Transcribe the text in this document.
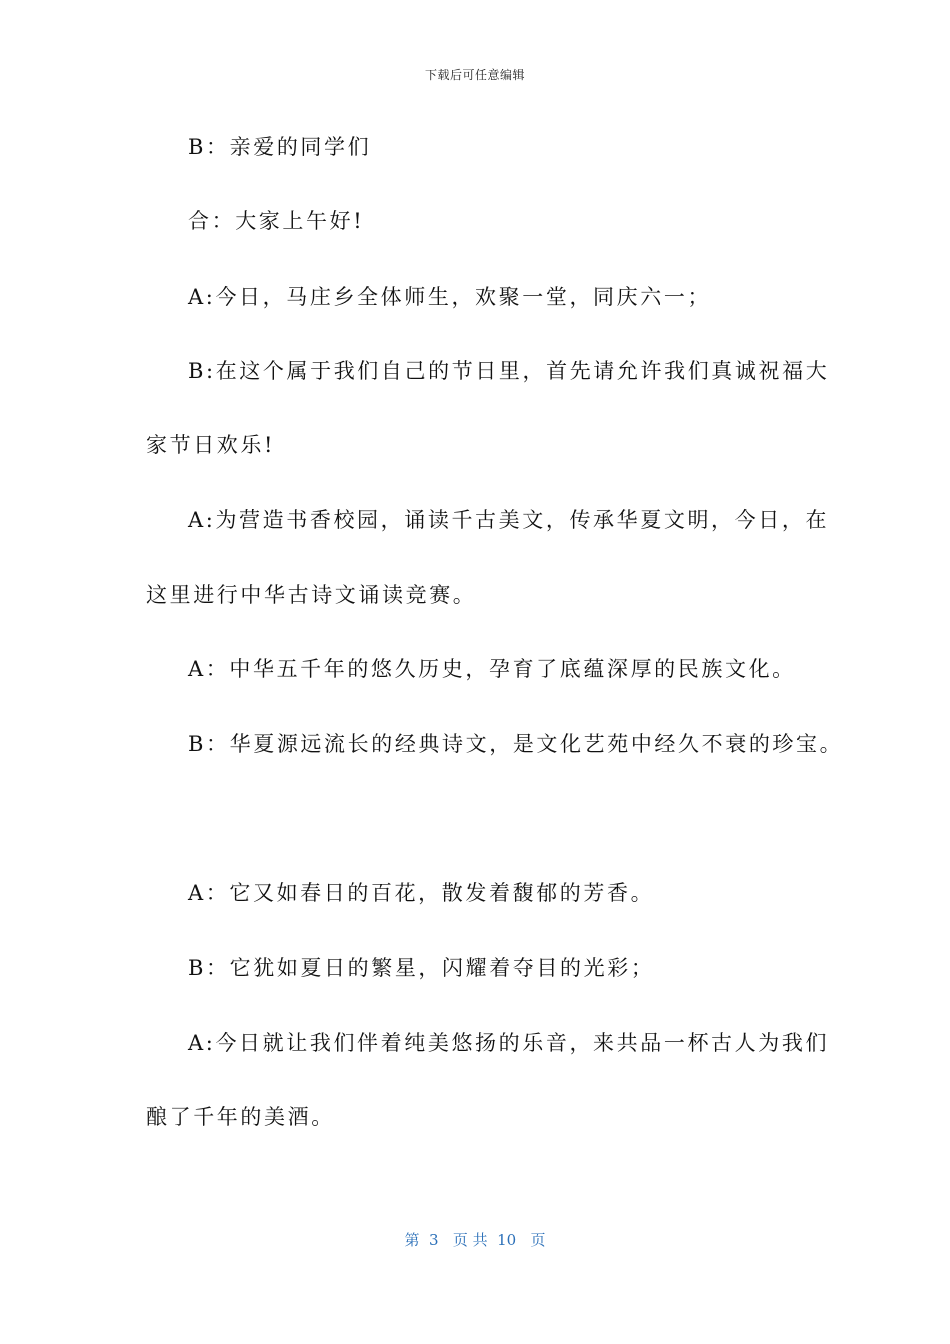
下载后可任意编辑
B：亲爱的同学们
合：大家上午好!
A:今日，马庄乡全体师生，欢聚一堂，同庆六一；
B:在这个属于我们自己的节日里，首先请允许我们真诚祝福大
家节日欢乐!
A:为营造书香校园，诵读千古美文，传承华夏文明，今日，在
这里进行中华古诗文诵读竞赛。
A：中华五千年的悠久历史，孕育了底蕴深厚的民族文化。
B：华夏源远流长的经典诗文，是文化艺苑中经久不衰的珍宝。
A：它又如春日的百花，散发着馥郁的芳香。
B：它犹如夏日的繁星，闪耀着夺目的光彩；
A:今日就让我们伴着纯美悠扬的乐音，来共品一杯古人为我们
酿了千年的美酒。
第  3   页 共  10   页
